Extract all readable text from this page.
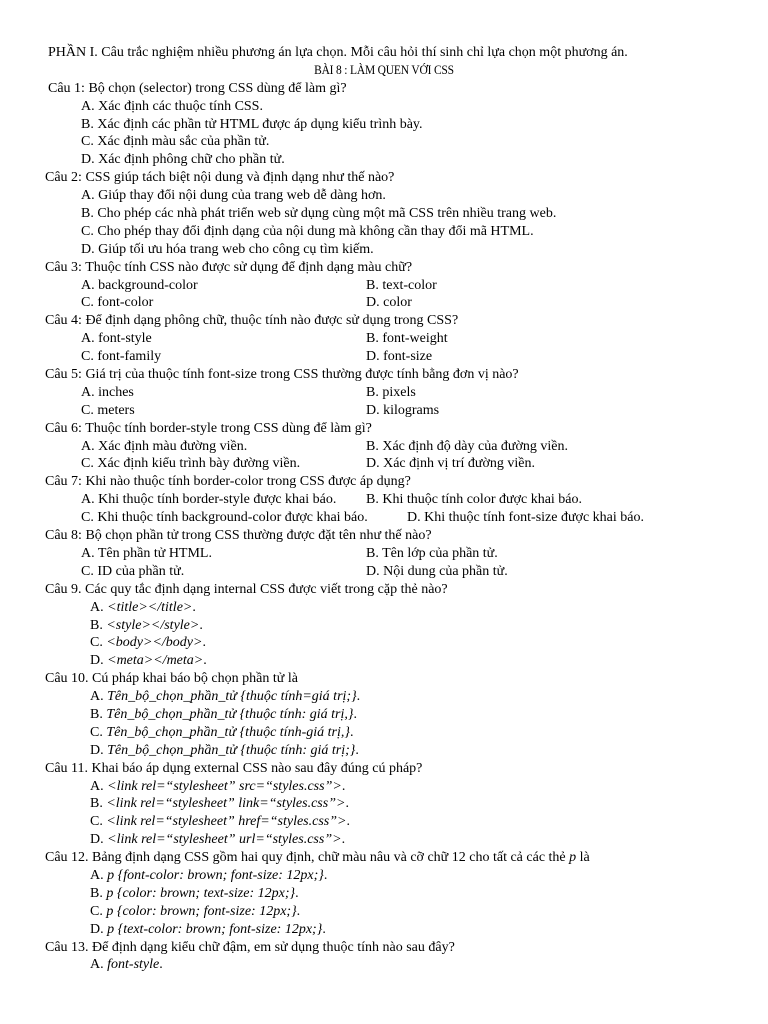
PHẦN I. Câu trắc nghiệm nhiều phương án lựa chọn. Mỗi câu hỏi thí sinh chỉ lựa chọn một phương án.
BÀI 8 : LÀM QUEN VỚI CSS
Câu 1: Bộ chọn (selector) trong CSS dùng để làm gì?
A. Xác định các thuộc tính CSS.
B. Xác định các phần tử HTML được áp dụng kiểu trình bày.
C. Xác định màu sắc của phần tử.
D. Xác định phông chữ cho phần tử.
Câu 2: CSS giúp tách biệt nội dung và định dạng như thế nào?
A. Giúp thay đổi nội dung của trang web dễ dàng hơn.
B. Cho phép các nhà phát triển web sử dụng cùng một mã CSS trên nhiều trang web.
C. Cho phép thay đổi định dạng của nội dung mà không cần thay đổi mã HTML.
D. Giúp tối ưu hóa trang web cho công cụ tìm kiếm.
Câu 3: Thuộc tính CSS nào được sử dụng để định dạng màu chữ?
A. background-color	B. text-color
C. font-color	D. color
Câu 4: Để định dạng phông chữ, thuộc tính nào được sử dụng trong CSS?
A. font-style	B. font-weight
C. font-family	D. font-size
Câu 5: Giá trị của thuộc tính font-size trong CSS thường được tính bằng đơn vị nào?
A. inches	B. pixels
C. meters	D. kilograms
Câu 6: Thuộc tính border-style trong CSS dùng để làm gì?
A. Xác định màu đường viền.	B. Xác định độ dày của đường viền.
C. Xác định kiểu trình bày đường viền.	D. Xác định vị trí đường viền.
Câu 7: Khi nào thuộc tính border-color trong CSS được áp dụng?
A. Khi thuộc tính border-style được khai báo. B. Khi thuộc tính color được khai báo.
C. Khi thuộc tính background-color được khai báo.	D. Khi thuộc tính font-size được khai báo.
Câu 8: Bộ chọn phần tử trong CSS thường được đặt tên như thế nào?
A. Tên phần tử HTML.	B. Tên lớp của phần tử.
C. ID của phần tử.	D. Nội dung của phần tử.
Câu 9. Các quy tắc định dạng internal CSS được viết trong cặp thẻ nào?
A. <title></title>.
B. <style></style>.
C. <body></body>.
D. <meta></meta>.
Câu 10. Cú pháp khai báo bộ chọn phần tử là
A. Tên_bộ_chọn_phần_tử {thuộc tính=giá trị;}.
B. Tên_bộ_chọn_phần_tử {thuộc tính: giá trị,}.
C. Tên_bộ_chọn_phần_tử {thuộc tính-giá trị,}.
D. Tên_bộ_chọn_phần_tử {thuộc tính: giá trị;}.
Câu 11. Khai báo áp dụng external CSS nào sau đây đúng cú pháp?
A. <link rel=“stylesheet” src=“styles.css”>.
B. <link rel=“stylesheet” link=“styles.css”>.
C. <link rel=“stylesheet” href=“styles.css”>.
D. <link rel=“stylesheet” url=“styles.css”>.
Câu 12. Bảng định dạng CSS gồm hai quy định, chữ màu nâu và cỡ chữ 12 cho tất cả các thẻ p là
A. p {font-color: brown; font-size: 12px;}.
B. p {color: brown; text-size: 12px;}.
C. p {color: brown; font-size: 12px;}.
D. p {text-color: brown; font-size: 12px;}.
Câu 13. Để định dạng kiểu chữ đậm, em sử dụng thuộc tính nào sau đây?
A. font-style.
